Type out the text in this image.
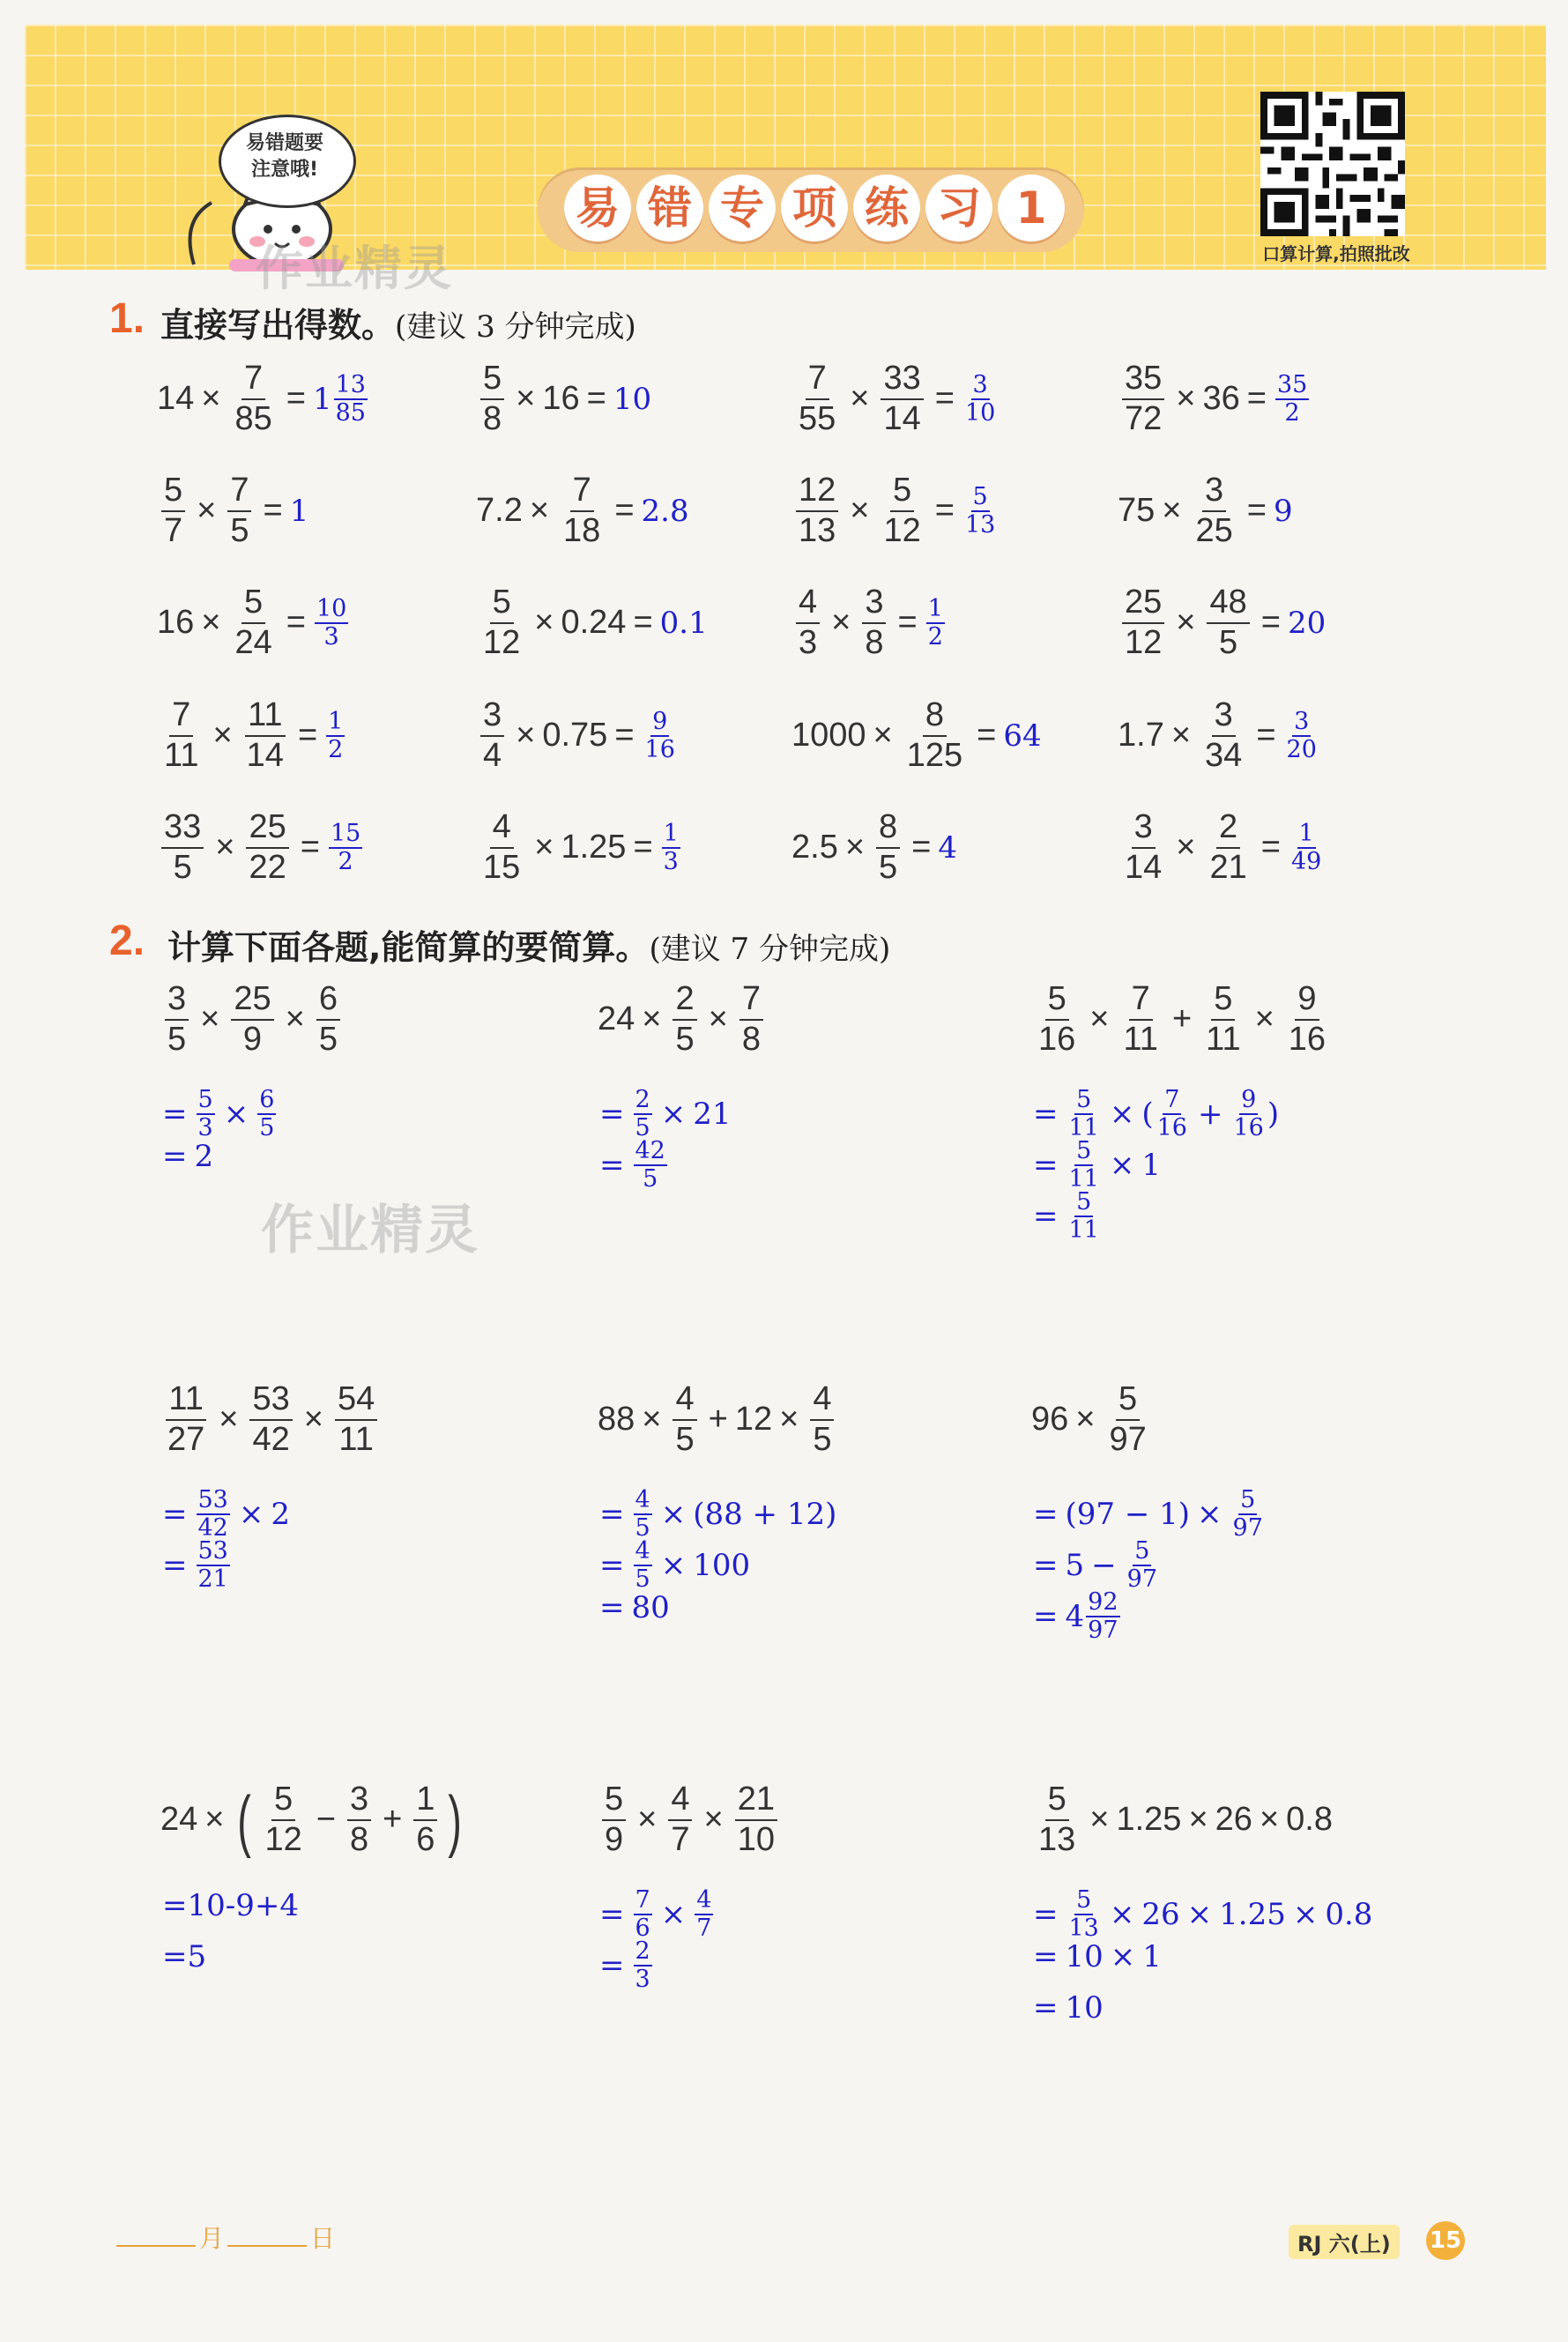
易错题要
注意哦!
易 错 专 项 练 习 1
口算计算,拍照批改
作业精灵
作业精灵
1. 直接写出得数。(建议 3 分钟完成)
$14 \times \frac{7}{85} = 1 \frac{13}{85}$	$\frac{5}{8} \times 16 = 10$	$\frac{7}{55} \times \frac{33}{14} = \frac{3}{10}$	$\frac{35}{72} \times 36 = \frac{35}{2}$
$\frac{5}{7} \times \frac{7}{5} = 1$	$7.2 \times \frac{7}{18} = 2.8$	$\frac{12}{13} \times \frac{5}{12} = \frac{5}{13}$	$75 \times \frac{3}{25} = 9$
$16 \times \frac{5}{24} = \frac{10}{3}$	$\frac{5}{12} \times 0.24 = 0.1$	$\frac{4}{3} \times \frac{3}{8} = \frac{1}{2}$	$\frac{25}{12} \times \frac{48}{5} = 20$
$\frac{7}{11} \times \frac{11}{14} = \frac{1}{2}$	$\frac{3}{4} \times 0.75 = \frac{9}{16}$	$1000 \times \frac{8}{125} = 64$ $1.7 \times \frac{3}{34} = \frac{3}{20}$
$\frac{33}{5} \times \frac{25}{22} = \frac{15}{2}$	$\frac{4}{15} \times 1.25 = \frac{1}{3}$	$2.5 \times \frac{8}{5} = 4$	$\frac{3}{14} \times \frac{2}{21} = \frac{1}{49}$
2. 计算下面各题,能简算的要简算。(建议 7 分钟完成)
$\frac{3}{5} \times \frac{25}{9} \times \frac{6}{5}$
= $\frac{5}{3} \times \frac{6}{5}$
= 2
$24 \times \frac{2}{5} \times \frac{7}{8}$
= $\frac{2}{5} \times 21$
= $\frac{42}{5}$
$\frac{5}{16} \times \frac{7}{11} + \frac{5}{11} \times \frac{9}{16}$
= $\frac{5}{11}$ × ( $\frac{7}{16} + \frac{9}{16}$ )
= $\frac{5}{11} \times 1$
= $\frac{5}{11}$
$\frac{11}{27} \times \frac{53}{42} \times \frac{54}{11}$
= $\frac{53}{42} \times 2$
= $\frac{53}{21}$
$88 \times \frac{4}{5} + 12 \times \frac{4}{5}$
= $\frac{4}{5} \times (88 + 12)$
= $\frac{4}{5} \times 100$
= 80
$96 \times \frac{5}{97}$
= $(97 - 1) \times \frac{5}{97}$
= $5 - \frac{5}{97}$
= $4 \frac{92}{97}$
24 × ( $\frac{5}{12} - \frac{3}{8} + \frac{1}{6}$ )
=10-9+4
=5
$\frac{5}{9} \times \frac{4}{7} \times \frac{21}{10}$
= $\frac{7}{6} \times \frac{4}{7}$
= $\frac{2}{3}$
$\frac{5}{13} \times 1.25 \times 26 \times 0.8$
= $\frac{5}{13} \times 26 \times 1.25 \times 0.8$
= 10 × 1
= 10
月	日	RJ 六(上)	15
